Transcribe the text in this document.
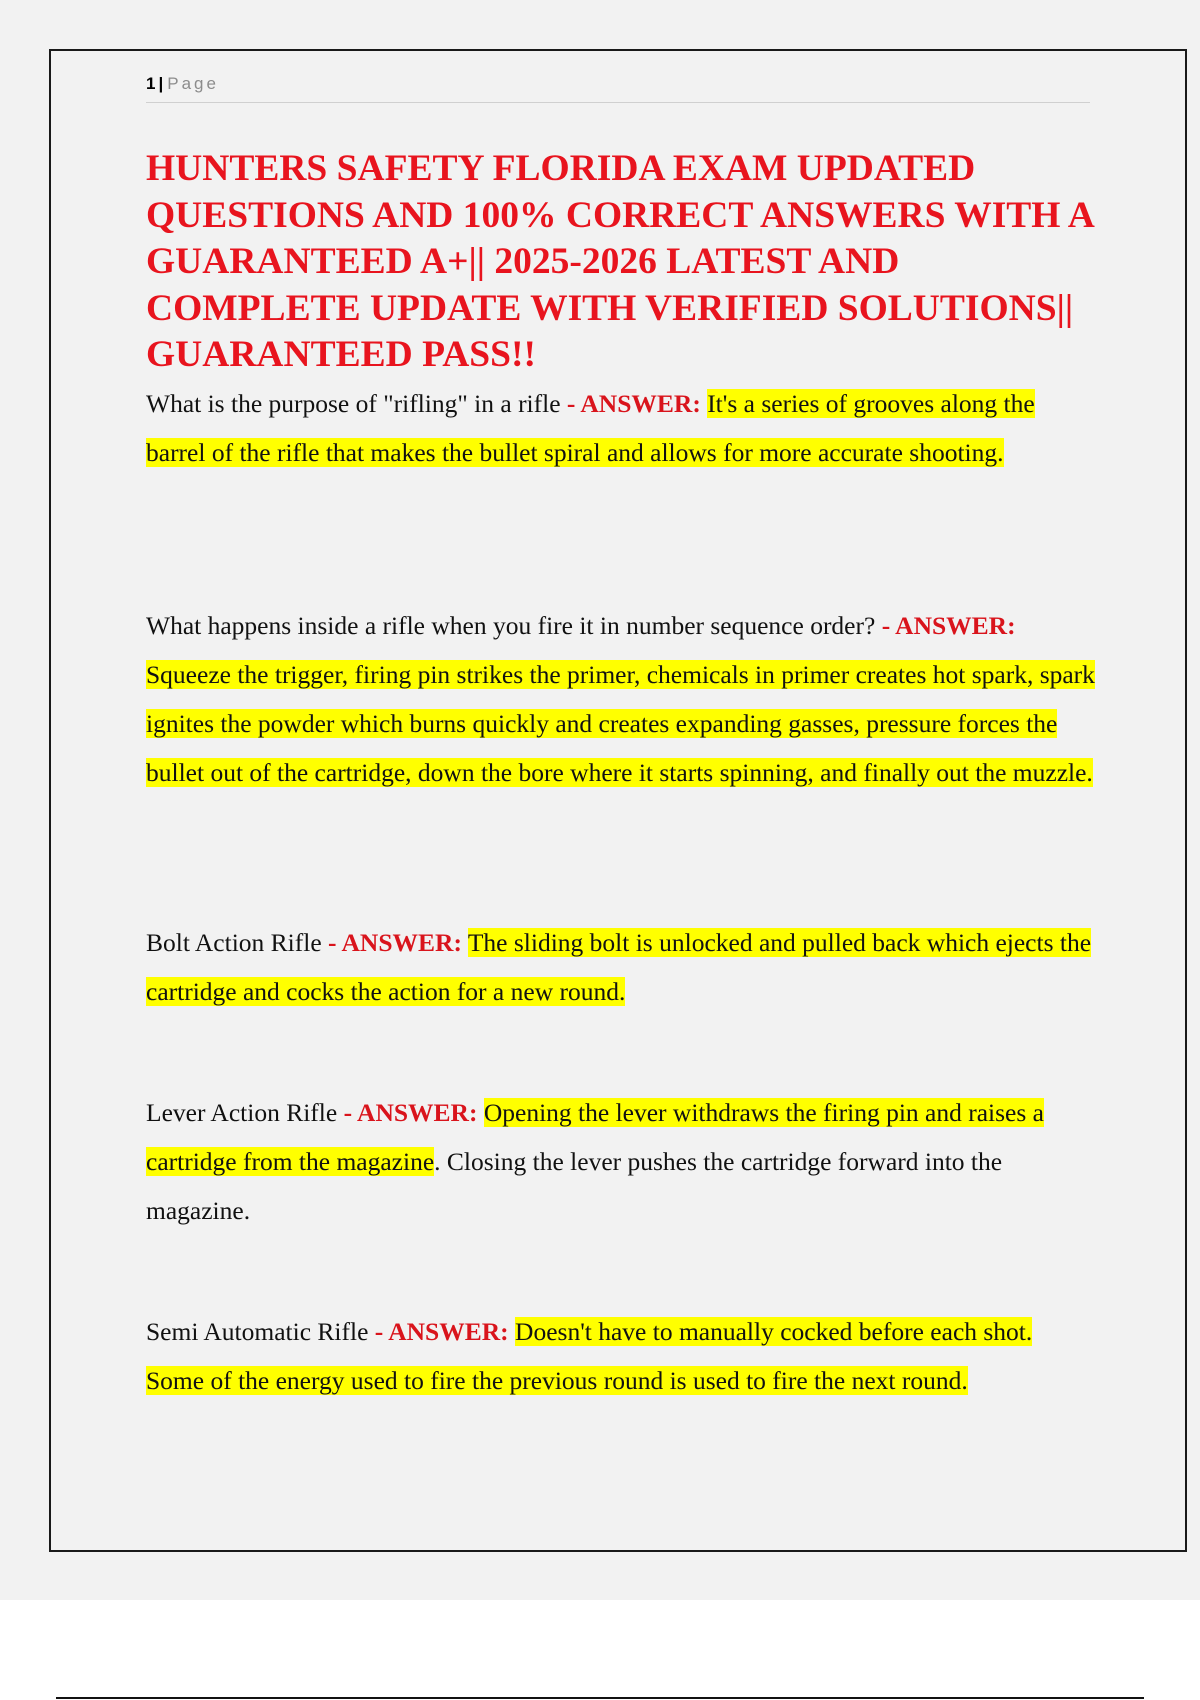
1 | Page
HUNTERS SAFETY FLORIDA EXAM UPDATED QUESTIONS AND 100% CORRECT ANSWERS WITH A GUARANTEED A+|| 2025-2026 LATEST AND COMPLETE UPDATE WITH VERIFIED SOLUTIONS|| GUARANTEED PASS!!

What is the purpose of "rifling" in a rifle - ANSWER: It's a series of grooves along the barrel of the rifle that makes the bullet spiral and allows for more accurate shooting.

What happens inside a rifle when you fire it in number sequence order? - ANSWER: Squeeze the trigger, firing pin strikes the primer, chemicals in primer creates hot spark, spark ignites the powder which burns quickly and creates expanding gasses, pressure forces the bullet out of the cartridge, down the bore where it starts spinning, and finally out the muzzle.

Bolt Action Rifle - ANSWER: The sliding bolt is unlocked and pulled back which ejects the cartridge and cocks the action for a new round.

Lever Action Rifle - ANSWER: Opening the lever withdraws the firing pin and raises a cartridge from the magazine. Closing the lever pushes the cartridge forward into the magazine.

Semi Automatic Rifle - ANSWER: Doesn't have to manually cocked before each shot. Some of the energy used to fire the previous round is used to fire the next round.
